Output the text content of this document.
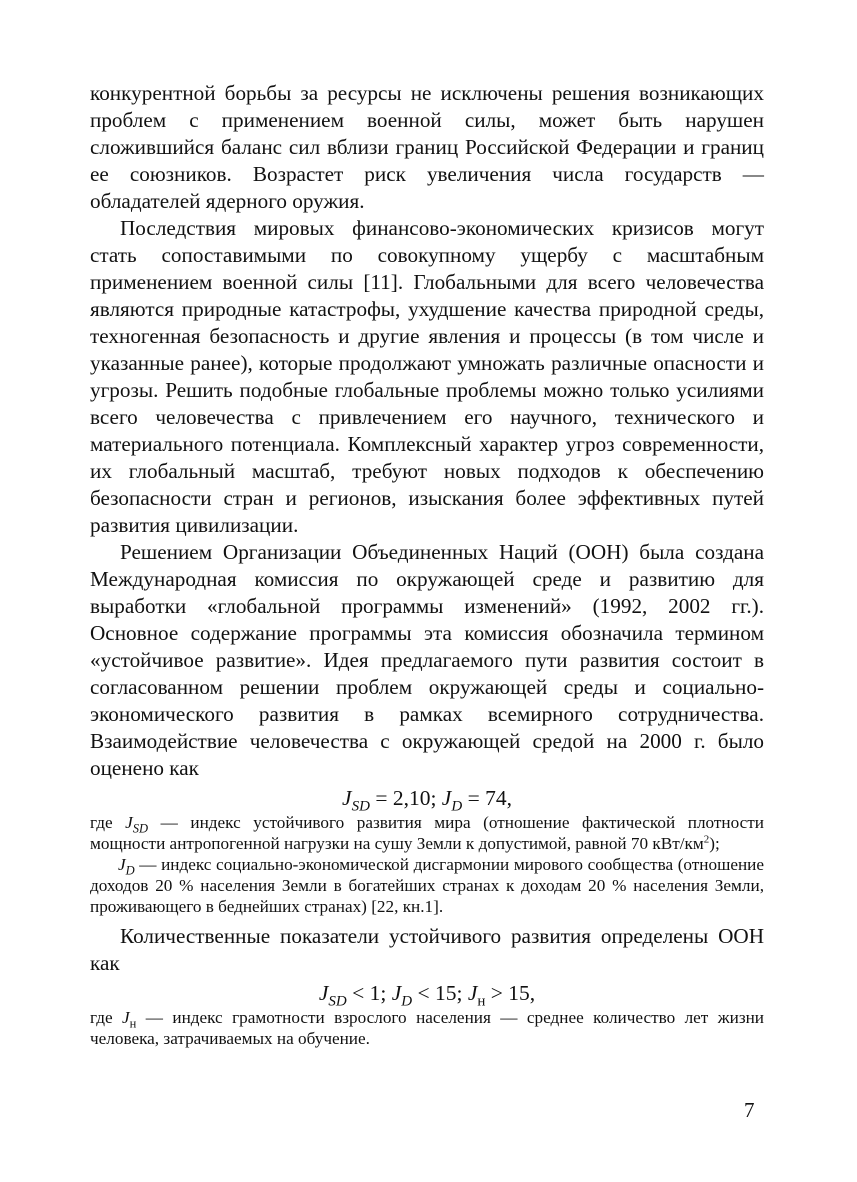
конкурентной борьбы за ресурсы не исключены решения возникающих проблем с применением военной силы, может быть нарушен сложившийся баланс сил вблизи границ Российской Федерации и границ ее союзников. Возрастет риск увеличения числа государств — обладателей ядерного оружия.

Последствия мировых финансово-экономических кризисов могут стать сопоставимыми по совокупному ущербу с масштабным применением военной силы [11]. Глобальными для всего человечества являются природные катастрофы, ухудшение качества природной среды, техногенная безопасность и другие явления и процессы (в том числе и указанные ранее), которые продолжают умножать различные опасности и угрозы. Решить подобные глобальные проблемы можно только усилиями всего человечества с привлечением его научного, технического и материального потенциала. Комплексный характер угроз современности, их глобальный масштаб, требуют новых подходов к обеспечению безопасности стран и регионов, изыскания более эффективных путей развития цивилизации.

Решением Организации Объединенных Наций (ООН) была создана Международная комиссия по окружающей среде и развитию для выработки «глобальной программы изменений» (1992, 2002 гг.). Основное содержание программы эта комиссия обозначила термином «устойчивое развитие». Идея предлагаемого пути развития состоит в согласованном решении проблем окружающей среды и социально-экономического развития в рамках всемирного сотрудничества. Взаимодействие человечества с окружающей средой на 2000 г. было оценено как

$J_{SD} = 2,10$; $J_D = 74$,

где $J_{SD}$ — индекс устойчивого развития мира (отношение фактической плотности мощности антропогенной нагрузки на сушу Земли к допустимой, равной 70 кВт/$км^2$);

$J_D$ — индекс социально-экономической дисгармонии мирового сообщества (отношение доходов 20 % населения Земли в богатейших странах к доходам 20 % населения Земли, проживающего в беднейших странах) [22, кн.1].

Количественные показатели устойчивого развития определены ООН как

$J_{SD} < 1$; $J_D < 15$; $J_н > 15$,

где $J_н$ — индекс грамотности взрослого населения — среднее количество лет жизни человека, затрачиваемых на обучение.

7
